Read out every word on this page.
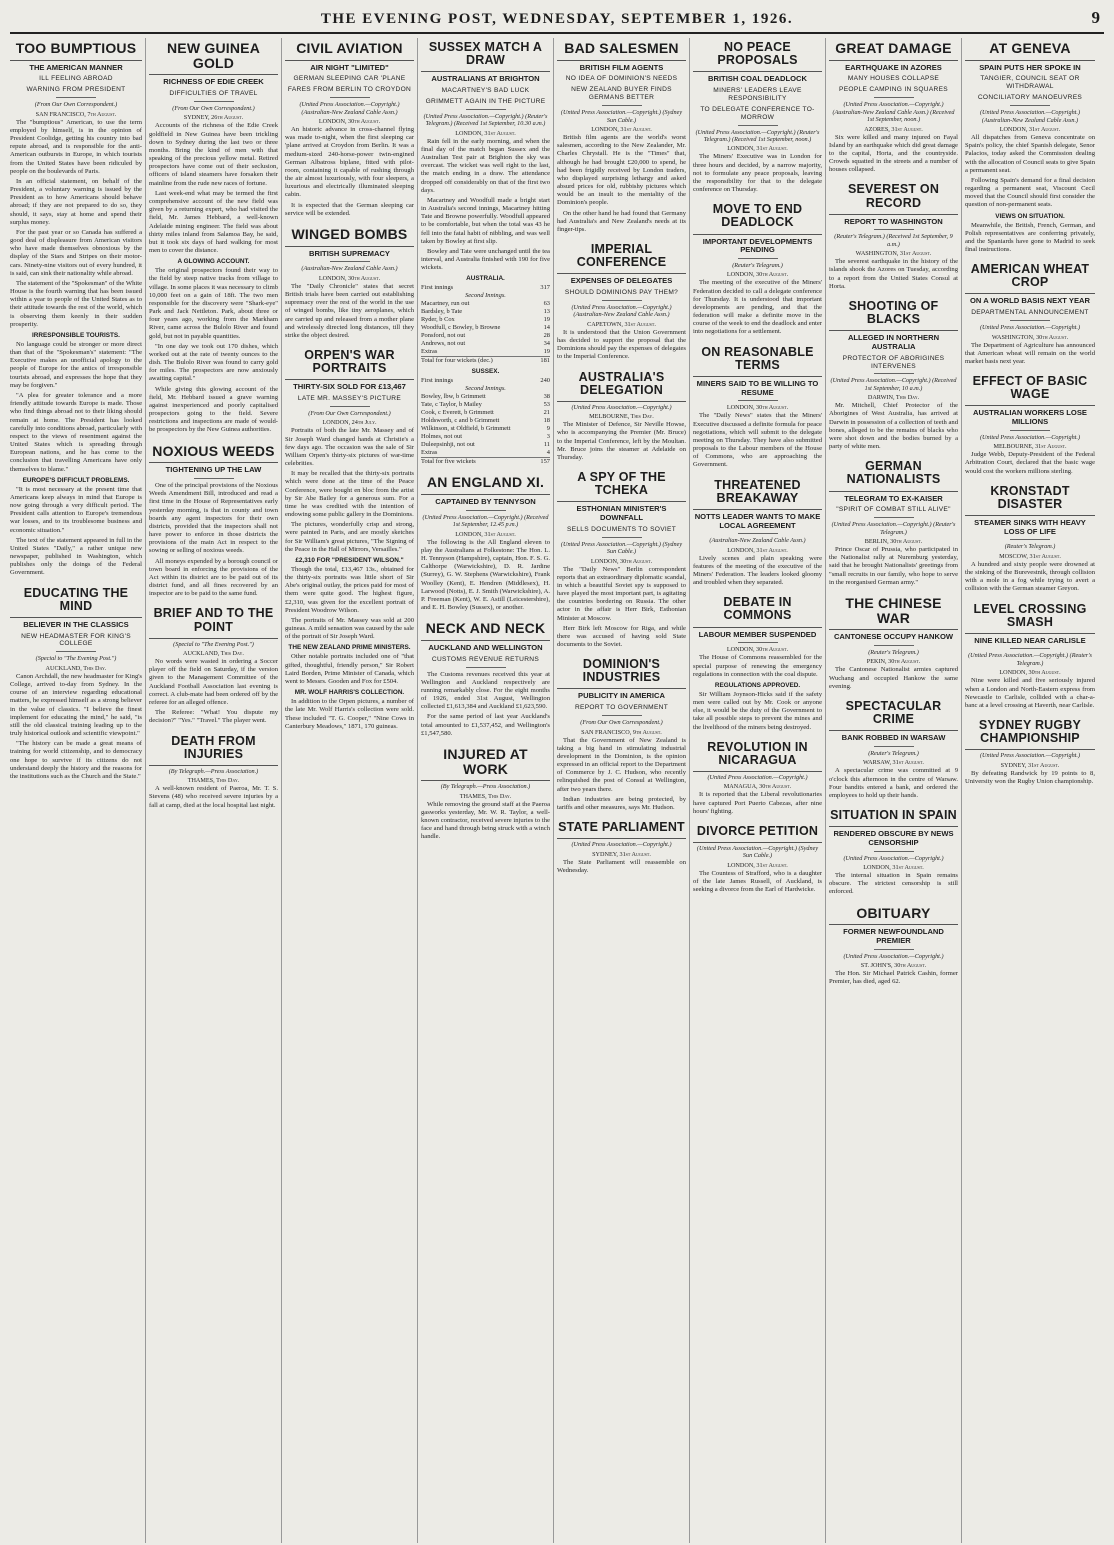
THE EVENING POST, WEDNESDAY, SEPTEMBER 1, 1926.	9
TOO BUMPTIOUS
THE AMERICAN MANNER
ILL FEELING ABROAD
WARNING FROM PRESIDENT
(From Our Own Correspondent.)
SAN FRANCISCO, 7th August.

The "bumptious" American, to use the term employed by himself, is in the opinion of President Coolidge, getting his country into bad repute abroad, and is responsible for the anti-American outbursts in Europe, in which tourists from the United States have been ridiculed by people on the boulevards of Paris.

In an official statement, on behalf of the President, a voluntary warning is issued by the President as to how Americans should behave abroad; if they are not prepared to do so, they should, it says, stay at home and spend their surplus money.

For the past year or so Canada has suffered a good deal of displeasure from American visitors who have made themselves obnoxious by the display of the Stars and Stripes on their motor-cars. Ninety-nine visitors out of every hundred, it is said, can sink their nationality while abroad.

The statement of the "Spokesman" of the White House is the fourth warning that has been issued within a year to people of the United States as to their attitude towards the rest of the world, which is observing them keenly in their sudden prosperity.

IRRESPONSIBLE TOURISTS.

No language could be stronger or more direct than that of the "Spokesman's" statement: "The Executive makes an unofficial apology to the people of Europe for the antics of irresponsible tourists abroad, and expresses the hope that they may be forgiven."

"A plea for greater tolerance and a more friendly attitude towards Europe is made. Those who find things abroad not to their liking should remain at home. The President has looked carefully into conditions abroad, particularly with respect to the views of resentment against the United States which is spreading through European nations, and he has come to the conclusion that travelling Americans have only themselves to blame."

EUROPE'S DIFFICULT PROBLEMS.

"It is most necessary at the present time that Americans keep always in mind that Europe is now going through a very difficult period. The President calls attention to Europe's tremendous war losses, and to its troublesome business and economic situation."

The text of the statement appeared in full in the United States "Daily," a rather unique new newspaper, published in Washington, which publishes only the doings of the Federal Government.

EDUCATING THE MIND
BELIEVER IN THE CLASSICS
NEW HEADMASTER FOR KING'S COLLEGE
(Special to "The Evening Post.")
AUCKLAND, This Day.

Canon Archdall, the new headmaster for King's College, arrived to-day from Sydney. In the course of an interview regarding educational matters, he expressed himself as a strong believer in the value of classics. "I believe the finest implement for educating the mind," he said, "is still the old classical training leading up to the truly historical outlook and scientific viewpoint."

"The history can be made a great means of training for world citizenship, and to democracy one hope to survive if its citizens do not understand deeply the history and the reasons for the institutions such as the Church and the State."

NEW GUINEA GOLD
RICHNESS OF EDIE CREEK
DIFFICULTIES OF TRAVEL
(From Our Own Correspondent.)
SYDNEY, 26th August.

Accounts of the richness of the Edie Creek goldfield in New Guinea have been trickling down to Sydney during the last two or three months. Bring the kind of men with that speaking of the precious yellow metal. Retired prospectors have come out of their seclusion, officers of island steamers have forsaken their mainline from the rude new races of fortune.

Last week-end what may be termed the first comprehensive account of the new field was given by a returning expert, who had visited the field, Mr. James Hebbard, a well-known Adelaide mining engineer. The field was about thirty miles inland from Salamoa Bay, he said, but it took six days of hard walking for most men to cover the distance.

A GLOWING ACCOUNT.

The original prospectors found their way to the field by steep native tracks from village to village. In some places it was necessary to climb 10,000 feet on a gain of 18ft. The two men responsible for the discovery were "Shark-eye" Park and Jack Nettleton. Park, about three or four years ago, working from the Markham River, came across the Bulolo River and found gold, but not in payable quantities.

"In one day we took out 170 dishes, which worked out at the rate of twenty ounces to the dish. The Bulolo River was found to carry gold for miles. The prospectors are now anxiously awaiting capital."

While giving this glowing account of the field, Mr. Hebbard issued a grave warning against inexperienced and poorly capitalised prospectors going to the field. Severe restrictions and inspections are made of would-be prospectors by the New Guinea authorities.

NOXIOUS WEEDS
TIGHTENING UP THE LAW

One of the principal provisions of the Noxious Weeds Amendment Bill, introduced and read a first time in the House of Representatives early yesterday morning, is that in county and town boards any agent inspectors for their own districts, provided that the inspectors shall not have power to enforce in those districts the provisions of the main Act in respect to the sowing or selling of noxious weeds.

All moneys expended by a borough council or town board in enforcing the provisions of the Act within its district are to be paid out of its district fund, and all fines recovered by an inspector are to be paid to the same fund.

BRIEF AND TO THE POINT
(Special to "The Evening Post.")
AUCKLAND, This Day.

No words were wasted in ordering a Soccer player off the field on Saturday, if the version given to the Management Committee of the Auckland Football Association last evening is correct. A club-mate had been ordered off by the referee for an alleged offence.

The Referee: "What! You dispute my decision?" "Yes." "Travel." The player went.

DEATH FROM INJURIES
(By Telegraph.—Press Association.)
THAMES, This Day.

A well-known resident of Paeroa, Mr. T. S. Stevens (48) who received severe injuries by a fall at camp, died at the local hospital last night.

CIVIL AVIATION
AIR NIGHT "LIMITED"
GERMAN SLEEPING CAR 'PLANE
FARES FROM BERLIN TO CROYDON
(United Press Association.—Copyright.) (Australian-New Zealand Cable Assn.)
LONDON, 30th August.

An historic advance in cross-channel flying was made to-night, when the first sleeping car 'plane arrived at Croydon from Berlin. It was a medium-sized 240-horse-power twin-engined German Albatross biplane, fitted with pilot-room, containing it capable of rushing through the air almost luxuriously, with four sleepers, a luxurious and electrically illuminated sleeping cabin.

It is expected that the German sleeping car service will be extended.

WINGED BOMBS
BRITISH SUPREMACY
(Australian-New Zealand Cable Assn.)
LONDON, 30th August.

The "Daily Chronicle" states that secret British trials have been carried out establishing supremacy over the rest of the world in the use of winged bombs, like tiny aeroplanes, which are carried up and released from a mother plane and wirelessly directed long distances, till they strike the object desired.

ORPEN'S WAR PORTRAITS
THIRTY-SIX SOLD FOR £13,467
LATE MR. MASSEY'S PICTURE
(From Our Own Correspondent.)
LONDON, 24th July.

Portraits of both the late Mr. Massey and of Sir Joseph Ward changed hands at Christie's a few days ago. The occasion was the sale of Sir William Orpen's thirty-six pictures of war-time celebrities.

It may be recalled that the thirty-six portraits which were done at the time of the Peace Conference, were bought en bloc from the artist by Sir Abe Bailey for a generous sum. For a time he was credited with the intention of endowing some public gallery in the Dominions.

The pictures, wonderfully crisp and strong, were painted in Paris, and are mostly sketches for Sir William's great pictures, "The Signing of the Peace in the Hall of Mirrors, Versailles."

£2,310 FOR "PRESIDENT WILSON."

Though the total, £13,467 13s., obtained for the thirty-six portraits was little short of Sir Abe's original outlay, the prices paid for most of them were quite good. The highest figure, £2,310, was given for the excellent portrait of President Woodrow Wilson.

The portraits of Mr. Massey was sold at 200 guineas. A mild sensation was caused by the sale of the portrait of Sir Joseph Ward.

THE NEW ZEALAND PRIME MINISTERS.

Other notable portraits included one of "that gifted, thoughtful, friendly person," Sir Robert Laird Borden, Prime Minister of Canada, which went to Messrs. Gooden and Fox for £504.

MR. WOLF HARRIS'S COLLECTION.

In addition to the Orpen pictures, a number of the late Mr. Wolf Harris's collection were sold. These included "T. G. Cooper," "Nine Cows in Canterbury Meadows," 1871, 170 guineas.

SUSSEX MATCH A DRAW
AUSTRALIANS AT BRIGHTON
MACARTNEY'S BAD LUCK
GRIMMETT AGAIN IN THE PICTURE
(United Press Association.—Copyright.) (Reuter's Telegram.) (Received 1st September, 10.30 a.m.)
LONDON, 31st August.

Rain fell in the early morning, and when the final day of the match began Sussex and the Australian Test pair at Brighton the sky was overcast. The wicket was well right to the last, the match ending in a draw. The attendance dropped off considerably on that of the first two days.

Macartney and Woodfull made a bright start in Australia's second innings, Macartney hitting Tate and Browne powerfully. Woodfull appeared to be comfortable, but when the total was 43 he fell into the fatal habit of nibbling, and was well taken by Bowley at first slip.

Bowley and Tate were unchanged until the tea interval, and Australia finished with 190 for five wickets.

AUSTRALIA.
First innings	317
Second Innings.	
Macartney, run out	63
Bardsley, b Tate	13
Ryder, b Cox	19
Woodfull, c Bowley, b Browne	14
Ponsford, not out	28
Andrews, not out	34
Extras	19
Total for four wickets (dec.)	181
SUSSEX.
First innings	240
Second Innings.	
Bowley, lbw, b Grimmett	38
Tate, c Taylor, b Mailey	53
Cook, c Everett, b Grimmett	21
Holdsworth, c and b Grimmett	18
Wilkinson, st Oldfield, b Grimmett	9
Holmes, not out	3
Duleepsinhji, not out	11
Extras	4
Total for five wickets	157
AN ENGLAND XI.
CAPTAINED BY TENNYSON
(United Press Association.—Copyright.) (Received 1st September, 12.45 p.m.)
LONDON, 31st August.

The following is the All England eleven to play the Australians at Folkestone: The Hon. L. H. Tennyson (Hampshire), captain, Hon. F. S. G. Calthorpe (Warwickshire), D. R. Jardine (Surrey), G. W. Stephens (Warwickshire), Frank Woolley (Kent), E. Hendren (Middlesex), H. Larwood (Notts), E. J. Smith (Warwickshire), A. P. Freeman (Kent), W. E. Astill (Leicestershire), and E. H. Bowley (Sussex), or another.

NECK AND NECK
AUCKLAND AND WELLINGTON
CUSTOMS REVENUE RETURNS

The Customs revenues received this year at Wellington and Auckland respectively are running remarkably close. For the eight months of 1926, ended 31st August, Wellington collected £1,613,384 and Auckland £1,623,590.

For the same period of last year Auckland's total amounted to £1,537,452, and Wellington's £1,547,580.

INJURED AT WORK
(By Telegraph.—Press Association.)
THAMES, This Day.

While removing the ground staff at the Paeroa gasworks yesterday, Mr. W. R. Taylor, a well-known contractor, received severe injuries to the face and hand through being struck with a winch handle.

BAD SALESMEN
BRITISH FILM AGENTS
NO IDEA OF DOMINION'S NEEDS
NEW ZEALAND BUYER FINDS GERMANS BETTER
(United Press Association.—Copyright.) (Sydney Sun Cable.)
LONDON, 31st August.

British film agents are the world's worst salesmen, according to the New Zealander, Mr. Charles Chrystall. He is the "Times" that, although he had brought £20,000 to spend, he had been frigidly received by London traders, who displayed surprising lethargy and asked absurd prices for old, rubbishy pictures which would be an insult to the mentality of the Dominion's people.

On the other hand he had found that Germany had Australia's and New Zealand's needs at its finger-tips.

IMPERIAL CONFERENCE
EXPENSES OF DELEGATES
SHOULD DOMINIONS PAY THEM?
(United Press Association.—Copyright.) (Australian-New Zealand Cable Assn.)
CAPETOWN, 31st August.

It is understood that the Union Government has decided to support the proposal that the Dominions should pay the expenses of delegates to the Imperial Conference.

AUSTRALIA'S DELEGATION
(United Press Association.—Copyright.)
MELBOURNE, This Day.

The Minister of Defence, Sir Neville Howse, who is accompanying the Premier (Mr. Bruce) to the Imperial Conference, left by the Moultan. Mr. Bruce joins the steamer at Adelaide on Thursday.

A SPY OF THE TCHEKA
ESTHONIAN MINISTER'S DOWNFALL
SELLS DOCUMENTS TO SOVIET
(United Press Association.—Copyright.) (Sydney Sun Cable.)
LONDON, 30th August.

The "Daily News" Berlin correspondent reports that an extraordinary diplomatic scandal, in which a beautiful Soviet spy is supposed to have played the most important part, is agitating the countries bordering on Russia. The other actor in the affair is Herr Birk, Esthonian Minister at Moscow.

Herr Birk left Moscow for Riga, and while there was accused of having sold State documents to the Soviet.

DOMINION'S INDUSTRIES
PUBLICITY IN AMERICA
REPORT TO GOVERNMENT
(From Our Own Correspondent.)
SAN FRANCISCO, 9th August.

That the Government of New Zealand is taking a big hand in stimulating industrial development in the Dominion, is the opinion expressed in an official report to the Department of Commerce by J. C. Hudson, who recently relinquished the post of Consul at Wellington, after two years there.

Indian industries are being protected, by tariffs and other measures, says Mr. Hudson.

STATE PARLIAMENT
(United Press Association.—Copyright.)
SYDNEY, 31st August.

The State Parliament will reassemble on Wednesday.

NO PEACE PROPOSALS
BRITISH COAL DEADLOCK
MINERS' LEADERS LEAVE RESPONSIBILITY
TO DELEGATE CONFERENCE TO-MORROW
(United Press Association.—Copyright.) (Reuter's Telegram.) (Received 1st September, noon.)
LONDON, 31st August.

The Miners' Executive was in London for three hours and decided, by a narrow majority, not to formulate any peace proposals, leaving the responsibility for that to the delegate conference on Thursday.

MOVE TO END DEADLOCK
IMPORTANT DEVELOPMENTS PENDING
(Reuter's Telegram.)
LONDON, 30th August.

The meeting of the executive of the Miners' Federation decided to call a delegate conference for Thursday. It is understood that important developments are pending, and that the federation will make a definite move in the course of the week to end the deadlock and enter into negotiations for a settlement.

ON REASONABLE TERMS
MINERS SAID TO BE WILLING TO RESUME
LONDON, 30th August.

The "Daily News" states that the Miners' Executive discussed a definite formula for peace negotiations, which will submit to the delegate meeting on Thursday. They have also submitted proposals to the Labour members of the House of Commons, who are approaching the Government.

THREATENED BREAKAWAY
NOTTS LEADER WANTS TO MAKE LOCAL AGREEMENT
(Australian-New Zealand Cable Assn.)
LONDON, 31st August.

Lively scenes and plain speaking were features of the meeting of the executive of the Miners' Federation. The leaders looked gloomy and troubled when they separated.

DEBATE IN COMMONS
LABOUR MEMBER SUSPENDED
LONDON, 30th August.

The House of Commons reassembled for the special purpose of renewing the emergency regulations in connection with the coal dispute.

REGULATIONS APPROVED.

Sir William Joynson-Hicks said if the safety men were called out by Mr. Cook or anyone else, it would be the duty of the Government to take all possible steps to prevent the mines and the livelihood of the miners being destroyed.

REVOLUTION IN NICARAGUA
(United Press Association.—Copyright.)
MANAGUA, 30th August.

It is reported that the Liberal revolutionaries have captured Port Puerto Cabezas, after nine hours' fighting.

DIVORCE PETITION
(United Press Association.—Copyright.) (Sydney Sun Cable.)
LONDON, 31st August.

The Countess of Strafford, who is a daughter of the late James Russell, of Auckland, is seeking a divorce from the Earl of Hardwicke.

GREAT DAMAGE
EARTHQUAKE IN AZORES
MANY HOUSES COLLAPSE
PEOPLE CAMPING IN SQUARES
(United Press Association.—Copyright.) (Australian-New Zealand Cable Assn.) (Received 1st September, noon.)
AZORES, 31st August.

Six were killed and many injured on Fayal Island by an earthquake which did great damage to the capital, Horta, and the countryside. Crowds squatted in the streets and a number of houses collapsed.

SEVEREST ON RECORD
REPORT TO WASHINGTON
(Reuter's Telegram.) (Received 1st September, 9 a.m.)
WASHINGTON, 31st August.

The severest earthquake in the history of the islands shook the Azores on Tuesday, according to a report from the United States Consul at Horta.

SHOOTING OF BLACKS
ALLEGED IN NORTHERN AUSTRALIA
PROTECTOR OF ABORIGINES INTERVENES
(United Press Association.—Copyright.) (Received 1st September, 10 a.m.)
DARWIN, This Day.

Mr. Mitchell, Chief Protector of the Aborigines of West Australia, has arrived at Darwin in possession of a collection of teeth and bones, alleged to be the remains of blacks who were shot down and the bodies burned by a party of white men.

GERMAN NATIONALISTS
TELEGRAM TO EX-KAISER
"SPIRIT OF COMBAT STILL ALIVE"
(United Press Association.—Copyright.) (Reuter's Telegram.)
BERLIN, 30th August.

Prince Oscar of Prussia, who participated in the Nationalist rally at Nuremburg yesterday, said that he brought Nationalists' greetings from "small recruits in our family, who hope to serve in the reorganised German army."

THE CHINESE WAR
CANTONESE OCCUPY HANKOW
(Reuter's Telegram.)
PEKIN, 30th August.

The Cantonese Nationalist armies captured Wuchang and occupied Hankow the same evening.

SPECTACULAR CRIME
BANK ROBBED IN WARSAW
(Reuter's Telegram.)
WARSAW, 31st August.

A spectacular crime was committed at 9 o'clock this afternoon in the centre of Warsaw. Four bandits entered a bank, and ordered the employees to hold up their hands.

SITUATION IN SPAIN
RENDERED OBSCURE BY NEWS CENSORSHIP
(United Press Association.—Copyright.)
LONDON, 31st August.

The internal situation in Spain remains obscure. The strictest censorship is still enforced.

OBITUARY
FORMER NEWFOUNDLAND PREMIER
(United Press Association.—Copyright.)
ST. JOHN'S, 30th August.

The Hon. Sir Michael Patrick Cashin, former Premier, has died, aged 62.

AT GENEVA
SPAIN PUTS HER SPOKE IN
TANGIER, COUNCIL SEAT OR WITHDRAWAL
CONCILIATORY MANOEUVRES
(United Press Association.—Copyright.) (Australian-New Zealand Cable Assn.)
LONDON, 31st August.

All dispatches from Geneva concentrate on Spain's policy, the chief Spanish delegate, Senor Palacios, today asked the Commission dealing with the allocation of Council seats to give Spain a permanent seat.

Following Spain's demand for a final decision regarding a permanent seat, Viscount Cecil moved that the Council should first consider the question of non-permanent seats.

VIEWS ON SITUATION.

Meanwhile, the British, French, German, and Polish representatives are conferring privately, and the Spaniards have gone to Madrid to seek final instructions.

AMERICAN WHEAT CROP
ON A WORLD BASIS NEXT YEAR
DEPARTMENTAL ANNOUNCEMENT
(United Press Association.—Copyright.)
WASHINGTON, 30th August.

The Department of Agriculture has announced that American wheat will remain on the world market basis next year.

EFFECT OF BASIC WAGE
AUSTRALIAN WORKERS LOSE MILLIONS
(United Press Association.—Copyright.)
MELBOURNE, 31st August.

Judge Webb, Deputy-President of the Federal Arbitration Court, declared that the basic wage would cost the workers millions sterling.

KRONSTADT DISASTER
STEAMER SINKS WITH HEAVY LOSS OF LIFE
(Reuter's Telegram.)
MOSCOW, 31st August.

A hundred and sixty people were drowned at the sinking of the Burevestnik, through collision with a mole in a fog while trying to avert a collision with the German steamer Greyon.

LEVEL CROSSING SMASH
NINE KILLED NEAR CARLISLE
(United Press Association.—Copyright.) (Reuter's Telegram.)
LONDON, 30th August.

Nine were killed and five seriously injured when a London and North-Eastern express from Newcastle to Carlisle, collided with a char-a-banc at a level crossing at Haverth, near Carlisle.

SYDNEY RUGBY CHAMPIONSHIP
(United Press Association.—Copyright.)
SYDNEY, 31st August.

By defeating Randwick by 19 points to 8, University won the Rugby Union championship.
